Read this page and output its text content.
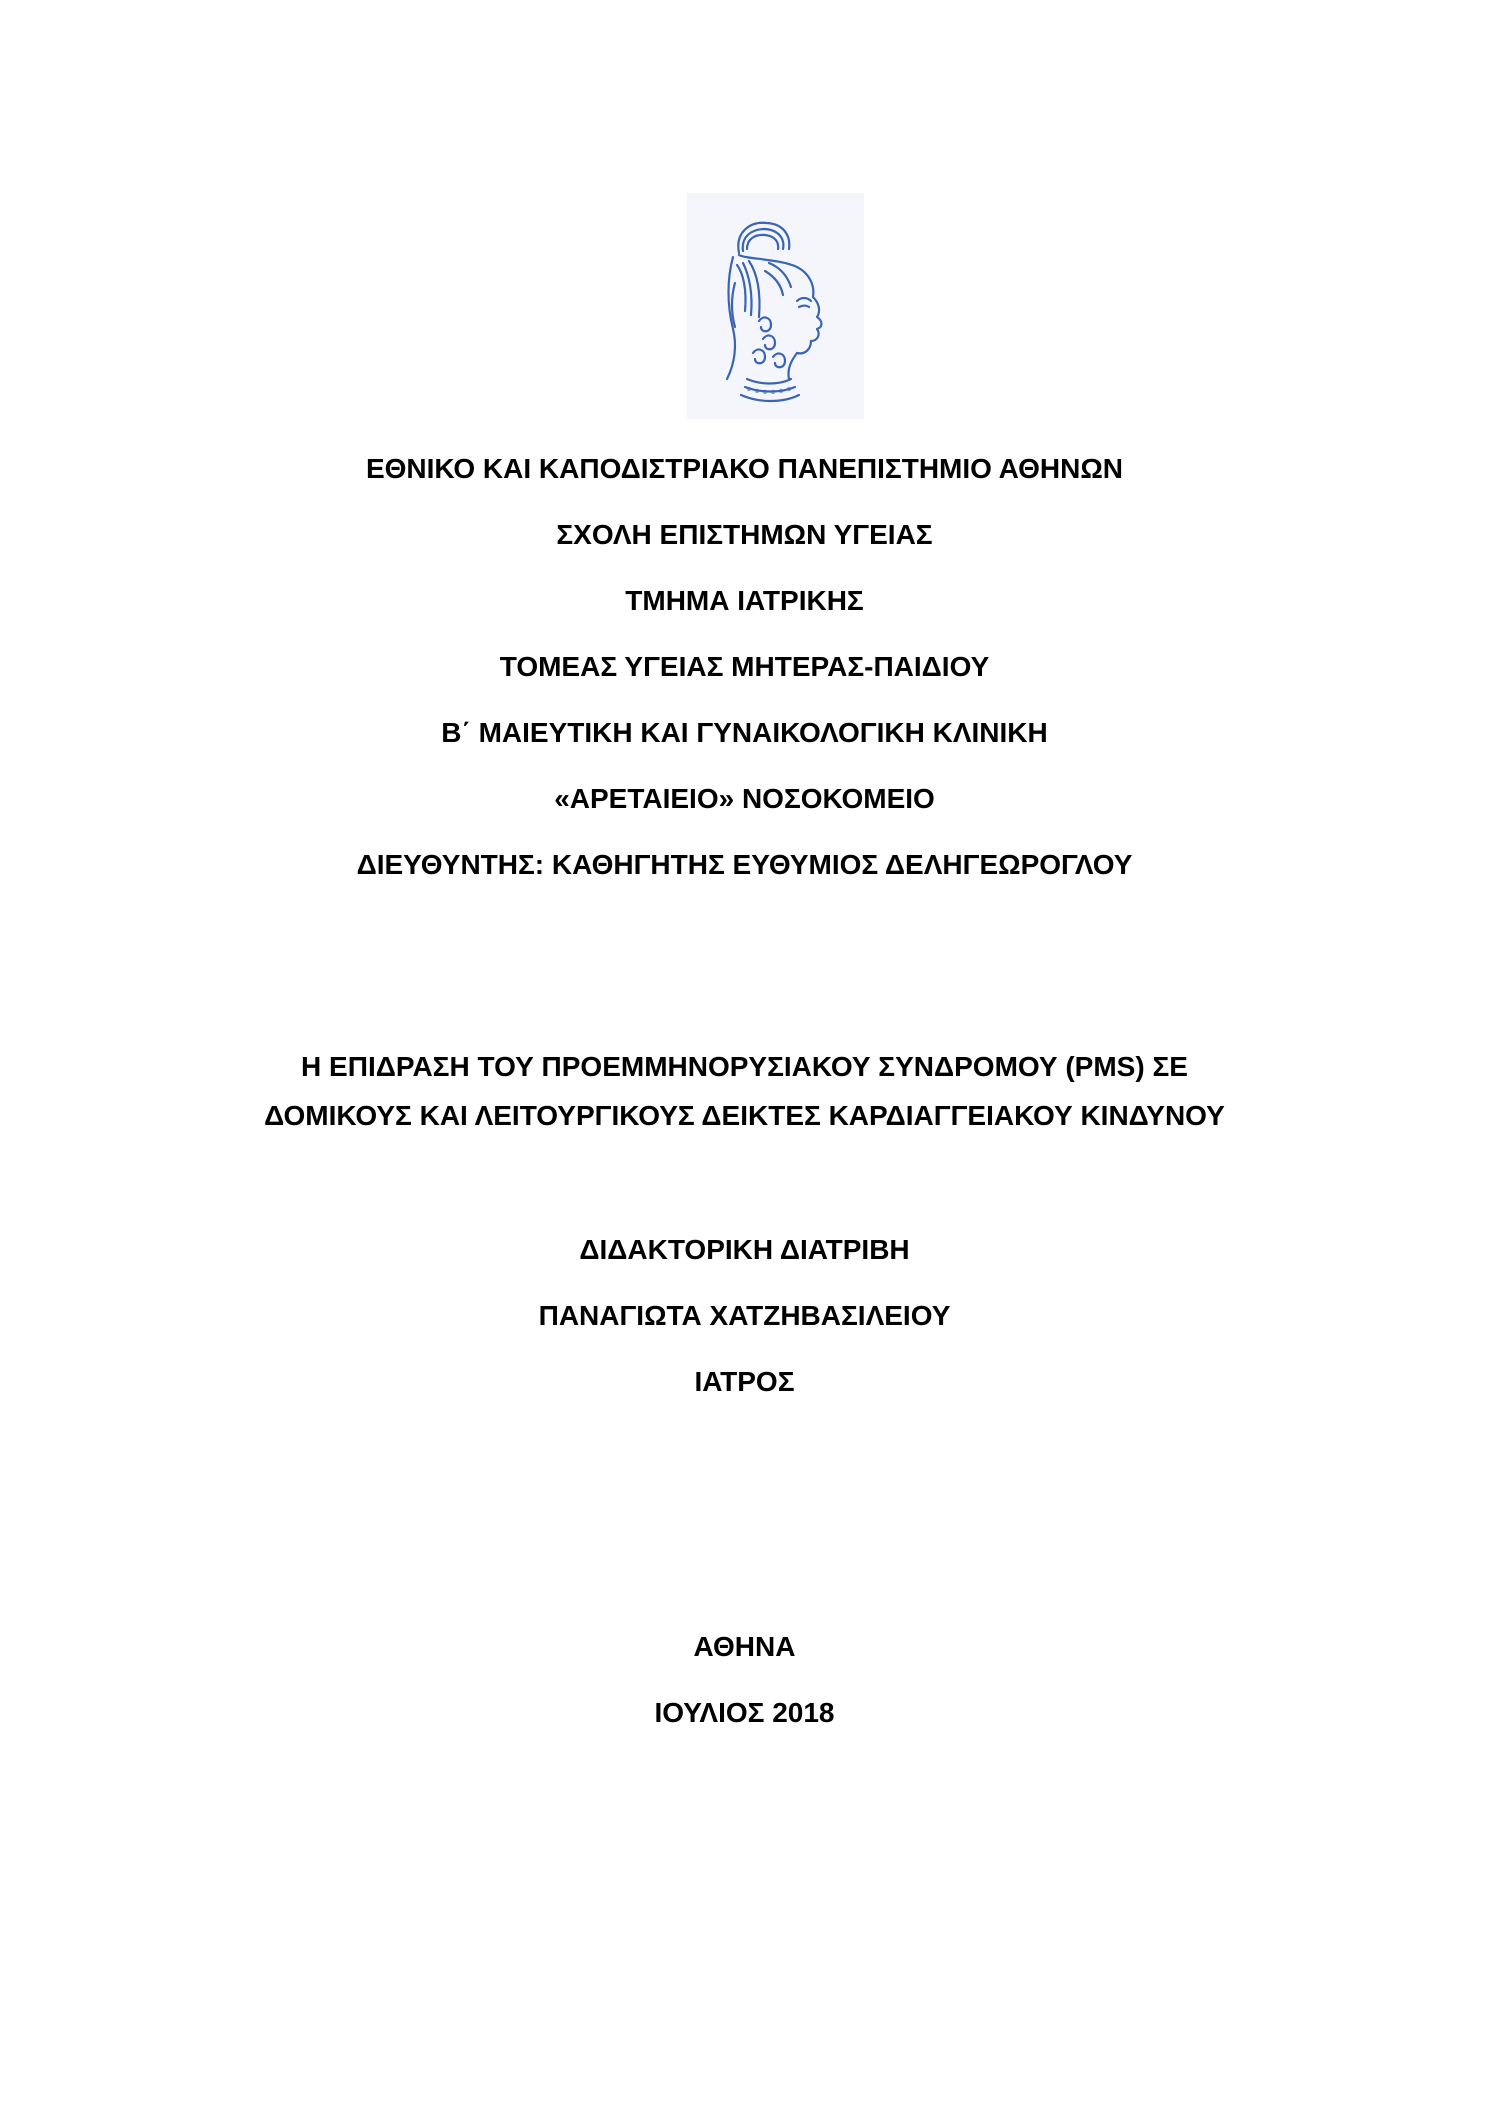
ΕΘΝΙΚΟ ΚΑΙ ΚΑΠΟΔΙΣΤΡΙΑΚΟ ΠΑΝΕΠΙΣΤΗΜΙΟ ΑΘΗΝΩΝ
ΣΧΟΛΗ ΕΠΙΣΤΗΜΩΝ ΥΓΕΙΑΣ
ΤΜΗΜΑ ΙΑΤΡΙΚΗΣ
ΤΟΜΕΑΣ ΥΓΕΙΑΣ ΜΗΤΕΡΑΣ-ΠΑΙΔΙΟΥ
Β΄ ΜΑΙΕΥΤΙΚΗ ΚΑΙ ΓΥΝΑΙΚΟΛΟΓΙΚΗ ΚΛΙΝΙΚΗ
«ΑΡΕΤΑΙΕΙΟ» ΝΟΣΟΚΟΜΕΙΟ
ΔΙΕΥΘΥΝΤΗΣ: ΚΑΘΗΓΗΤΗΣ ΕΥΘΥΜΙΟΣ ΔΕΛΗΓΕΩΡΟΓΛΟΥ
Η ΕΠΙΔΡΑΣΗ ΤΟΥ ΠΡΟΕΜΜΗΝΟΡΥΣΙΑΚΟΥ ΣΥΝΔΡΟΜΟΥ (PMS) ΣΕ
ΔΟΜΙΚΟΥΣ ΚΑΙ ΛΕΙΤΟΥΡΓΙΚΟΥΣ ΔΕΙΚΤΕΣ ΚΑΡΔΙΑΓΓΕΙΑΚΟΥ ΚΙΝΔΥΝΟΥ
ΔΙΔΑΚΤΟΡΙΚΗ ΔΙΑΤΡΙΒΗ
ΠΑΝΑΓΙΩΤΑ ΧΑΤΖΗΒΑΣΙΛΕΙΟΥ
ΙΑΤΡΟΣ
ΑΘΗΝΑ
ΙΟΥΛΙΟΣ 2018
